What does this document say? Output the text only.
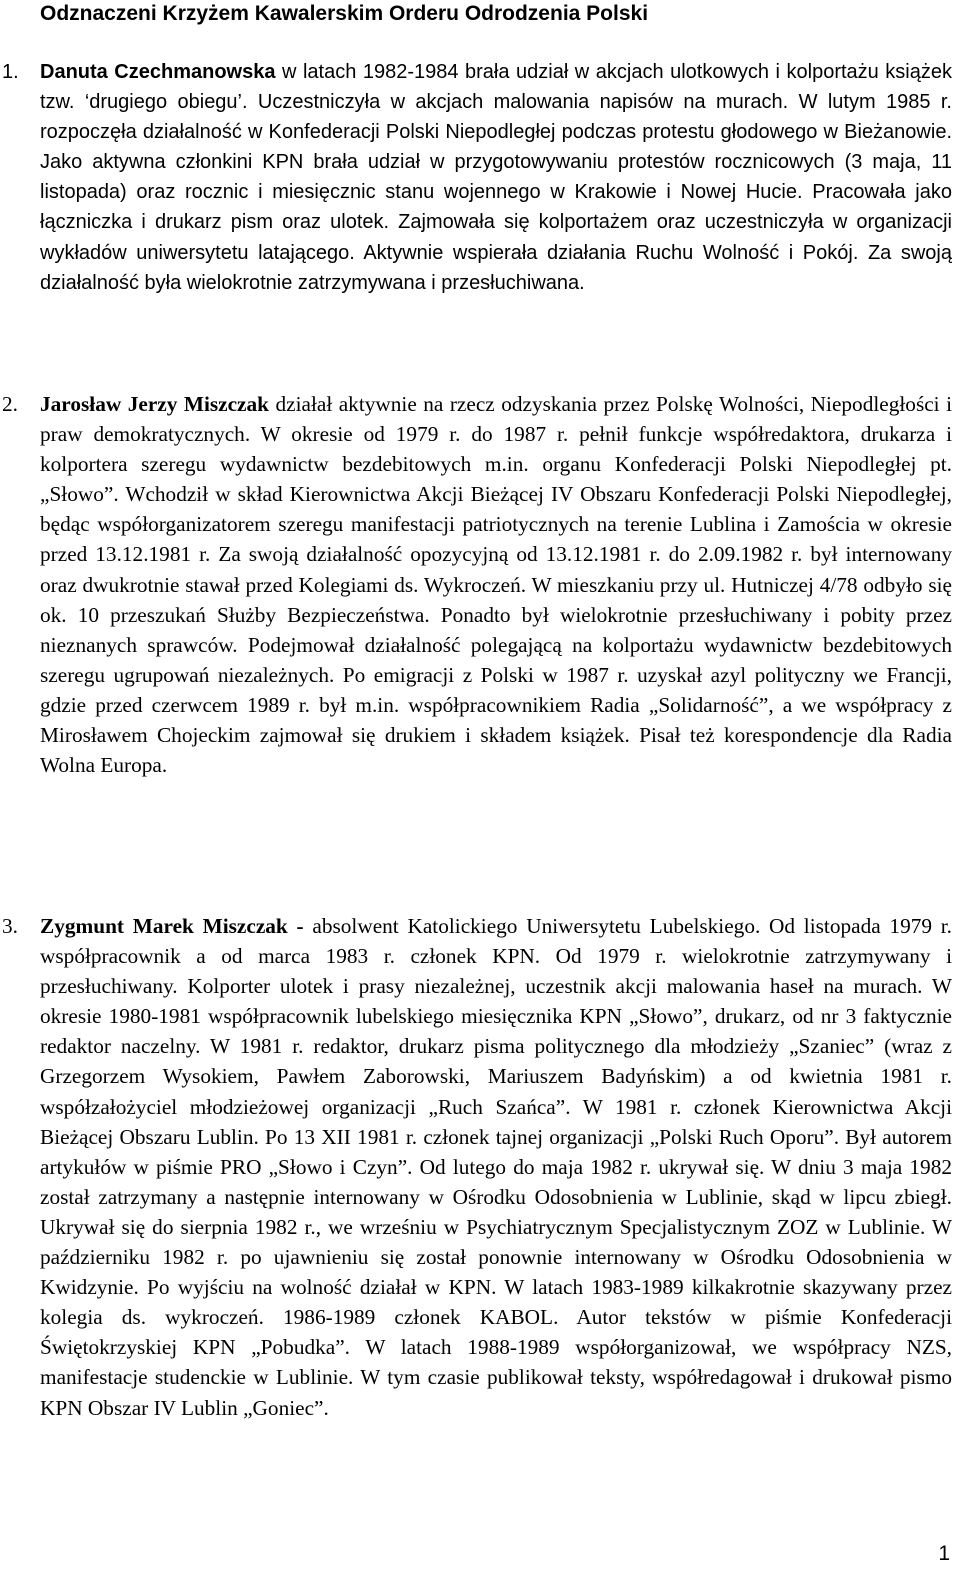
Odznaczeni Krzyżem Kawalerskim Orderu Odrodzenia Polski
1.	Danuta Czechmanowska w latach 1982-1984 brała udział w akcjach ulotkowych i kolportażu książek tzw. ‘drugiego obiegu’. Uczestniczyła w akcjach malowania napisów na murach. W lutym 1985 r. rozpoczęła działalność w Konfederacji Polski Niepodległej podczas protestu głodowego w Bieżanowie. Jako aktywna członkini KPN brała udział w przygotowywaniu protestów rocznicowych (3 maja, 11 listopada) oraz rocznic i miesięcznic stanu wojennego w Krakowie i Nowej Hucie. Pracowała jako łączniczka i drukarz pism oraz ulotek. Zajmowała się kolportażem oraz uczestniczyła w organizacji wykładów uniwersytetu latającego. Aktywnie wspierała działania Ruchu Wolność i Pokój. Za swoją działalność była wielokrotnie zatrzymywana i przesłuchiwana.
2.	Jarosław Jerzy Miszczak działał aktywnie na rzecz odzyskania przez Polskę Wolności, Niepodległości i praw demokratycznych. W okresie od 1979 r. do 1987 r. pełnił funkcje współredaktora, drukarza i kolportera szeregu wydawnictw bezdebitowych m.in. organu Konfederacji Polski Niepodległej pt. „Słowo”. Wchodził w skład Kierownictwa Akcji Bieżącej IV Obszaru Konfederacji Polski Niepodległej, będąc współorganizatorem szeregu manifestacji patriotycznych na terenie Lublina i Zamościa w okresie przed 13.12.1981 r. Za swoją działalność opozycyjną od 13.12.1981 r. do 2.09.1982 r. był internowany oraz dwukrotnie stawał przed Kolegiami ds. Wykroczeń. W mieszkaniu przy ul. Hutniczej 4/78 odbyło się ok. 10 przeszukań Służby Bezpieczeństwa. Ponadto był wielokrotnie przesłuchiwany i pobity przez nieznanych sprawców. Podejmował działalność polegającą na kolportażu wydawnictw bezdebitowych szeregu ugrupowań niezależnych. Po emigracji z Polski w 1987 r. uzyskał azyl polityczny we Francji, gdzie przed czerwcem 1989 r. był m.in. współpracownikiem Radia „Solidarność”, a we współpracy z Mirosławem Chojeckim zajmował się drukiem i składem książek. Pisał też korespondencje dla Radia Wolna Europa.
3.	Zygmunt Marek Miszczak - absolwent Katolickiego Uniwersytetu Lubelskiego. Od listopada 1979 r. współpracownik a od marca 1983 r. członek KPN. Od 1979 r. wielokrotnie zatrzymywany i przesłuchiwany. Kolporter ulotek i prasy niezależnej, uczestnik akcji malowania haseł na murach. W okresie 1980-1981 współpracownik lubelskiego miesięcznika KPN „Słowo”, drukarz, od nr 3 faktycznie redaktor naczelny. W 1981 r. redaktor, drukarz pisma politycznego dla młodzieży „Szaniec” (wraz z Grzegorzem Wysokiem, Pawłem Zaborowski, Mariuszem Badyńskim) a od kwietnia 1981 r. współzałożyciel młodzieżowej organizacji „Ruch Szańca”. W 1981 r. członek Kierownictwa Akcji Bieżącej Obszaru Lublin. Po 13 XII 1981 r. członek tajnej organizacji „Polski Ruch Oporu”. Był autorem artykułów w piśmie PRO „Słowo i Czyn”. Od lutego do maja 1982 r. ukrywał się. W dniu 3 maja 1982 został zatrzymany a następnie internowany w Ośrodku Odosobnienia w Lublinie, skąd w lipcu zbiegł. Ukrywał się do sierpnia 1982 r., we wrześniu w Psychiatrycznym Specjalistycznym ZOZ w Lublinie. W październiku 1982 r. po ujawnieniu się został ponownie internowany w Ośrodku Odosobnienia w Kwidzynie. Po wyjściu na wolność działał w KPN. W latach 1983-1989 kilkakrotnie skazywany przez kolegia ds. wykroczeń. 1986-1989 członek KABOL. Autor tekstów w piśmie Konfederacji Świętokrzyskiej KPN „Pobudka”. W latach 1988-1989 współorganizował, we współpracy NZS, manifestacje studenckie w Lublinie. W tym czasie publikował teksty, współredagował i drukował pismo KPN Obszar IV Lublin „Goniec”.
1
